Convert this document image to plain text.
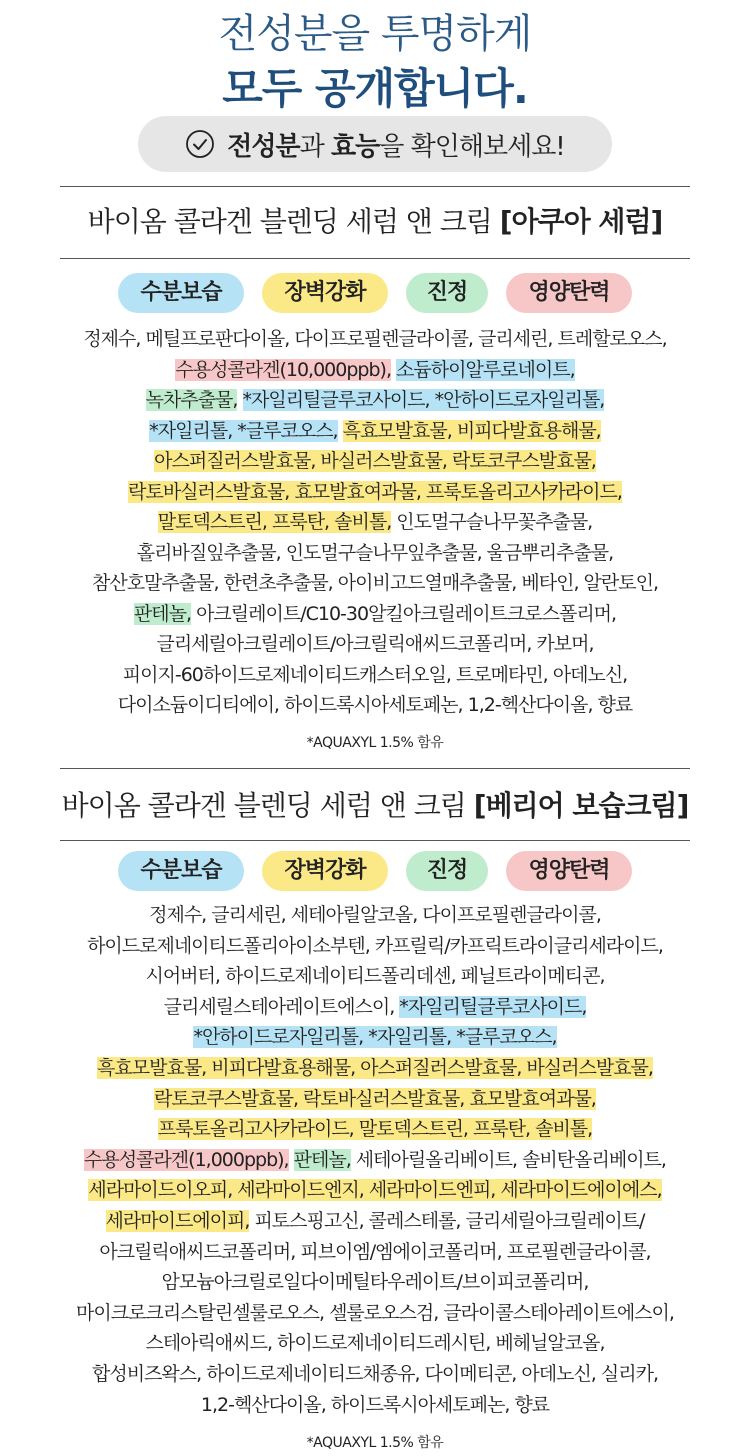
전성분을 투명하게
모두 공개합니다.
전성분과 효능을 확인해보세요!
바이옴 콜라겐 블렌딩 세럼 앤 크림 [아쿠아 세럼]
수분보습	장벽강화	진정	영양탄력
정제수, 메틸프로판다이올, 다이프로필렌글라이콜, 글리세린, 트레할로오스,
수용성콜라겐(10,000ppb), 소듐하이알루로네이트,
녹차추출물, *자일리틸글루코사이드, *안하이드로자일리톨,
*자일리톨, *글루코오스, 흑효모발효물, 비피다발효용해물,
아스퍼질러스발효물, 바실러스발효물, 락토코쿠스발효물,
락토바실러스발효물, 효모발효여과물, 프룩토올리고사카라이드,
말토덱스트린, 프룩탄, 솔비톨, 인도멀구슬나무꽃추출물,
홀리바질잎추출물, 인도멀구슬나무잎추출물, 울금뿌리추출물,
참산호말추출물, 한련초추출물, 아이비고드열매추출물, 베타인, 알란토인,
판테놀, 아크릴레이트/C10-30알킬아크릴레이트크로스폴리머,
글리세릴아크릴레이트/아크릴릭애씨드코폴리머, 카보머,
피이지-60하이드로제네이티드캐스터오일, 트로메타민, 아데노신,
다이소듐이디티에이, 하이드록시아세토페논, 1,2-헥산다이올, 향료
*AQUAXYL 1.5% 함유
바이옴 콜라겐 블렌딩 세럼 앤 크림 [베리어 보습크림]
수분보습	장벽강화	진정	영양탄력
정제수, 글리세린, 세테아릴알코올, 다이프로필렌글라이콜,
하이드로제네이티드폴리아이소부텐, 카프릴릭/카프릭트라이글리세라이드,
시어버터, 하이드로제네이티드폴리데센, 페닐트라이메티콘,
글리세릴스테아레이트에스이, *자일리틸글루코사이드,
*안하이드로자일리톨, *자일리톨, *글루코오스,
흑효모발효물, 비피다발효용해물, 아스퍼질러스발효물, 바실러스발효물,
락토코쿠스발효물, 락토바실러스발효물, 효모발효여과물,
프룩토올리고사카라이드, 말토덱스트린, 프룩탄, 솔비톨,
수용성콜라겐(1,000ppb), 판테놀, 세테아릴올리베이트, 솔비탄올리베이트,
세라마이드이오피, 세라마이드엔지, 세라마이드엔피, 세라마이드에이에스,
세라마이드에이피, 피토스핑고신, 콜레스테롤, 글리세릴아크릴레이트/
아크릴릭애씨드코폴리머, 피브이엠/엠에이코폴리머, 프로필렌글라이콜,
암모늄아크릴로일다이메틸타우레이트/브이피코폴리머,
마이크로크리스탈린셀룰로오스, 셀룰로오스검, 글라이콜스테아레이트에스이,
스테아릭애씨드, 하이드로제네이티드레시틴, 베헤닐알코올,
합성비즈왁스, 하이드로제네이티드채종유, 다이메티콘, 아데노신, 실리카,
1,2-헥산다이올, 하이드록시아세토페논, 향료
*AQUAXYL 1.5% 함유
